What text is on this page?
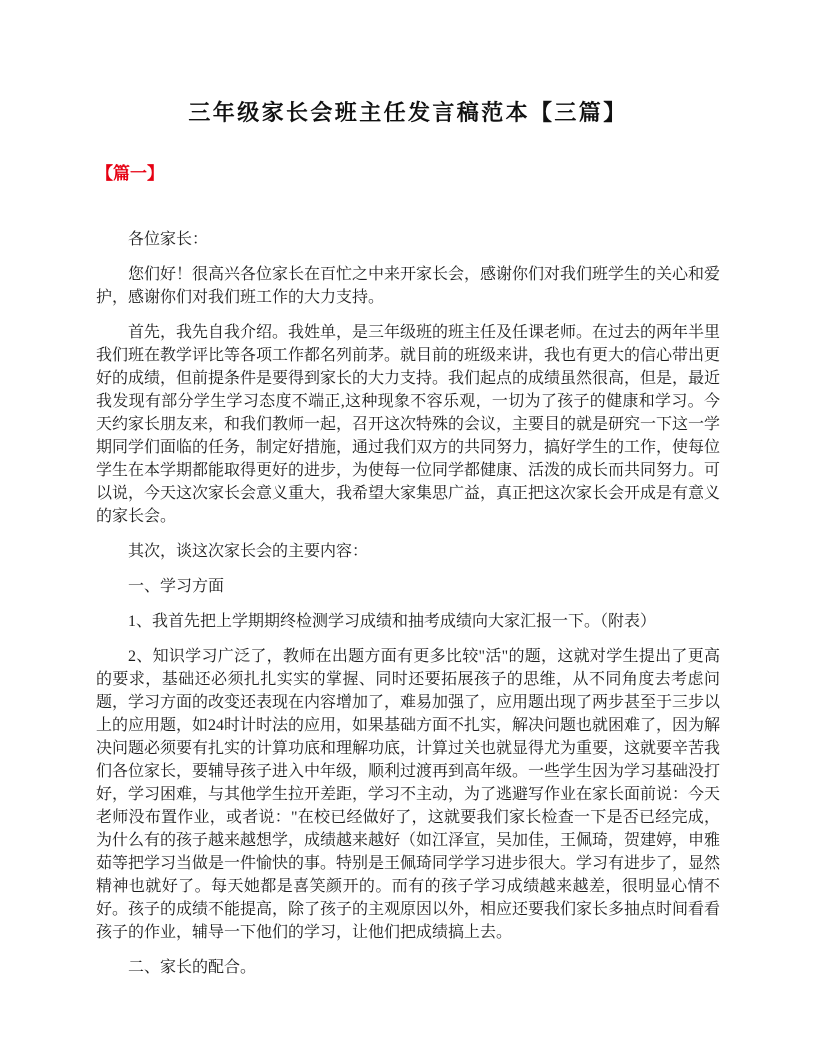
三年级家长会班主任发言稿范本【三篇】
【篇一】

各位家长：

您们好！很高兴各位家长在百忙之中来开家长会，感谢你们对我们班学生的关心和爱护，感谢你们对我们班工作的大力支持。

首先，我先自我介绍。我姓单，是三年级班的班主任及任课老师。在过去的两年半里我们班在教学评比等各项工作都名列前茅。就目前的班级来讲，我也有更大的信心带出更好的成绩，但前提条件是要得到家长的大力支持。我们起点的成绩虽然很高，但是，最近我发现有部分学生学习态度不端正,这种现象不容乐观，一切为了孩子的健康和学习。今天约家长朋友来，和我们教师一起，召开这次特殊的会议，主要目的就是研究一下这一学期同学们面临的任务，制定好措施，通过我们双方的共同努力，搞好学生的工作，使每位学生在本学期都能取得更好的进步，为使每一位同学都健康、活泼的成长而共同努力。可以说，今天这次家长会意义重大，我希望大家集思广益，真正把这次家长会开成是有意义的家长会。

其次，谈这次家长会的主要内容：

一、学习方面

1、我首先把上学期期终检测学习成绩和抽考成绩向大家汇报一下。（附表）

2、知识学习广泛了，教师在出题方面有更多比较"活"的题，这就对学生提出了更高的要求，基础还必须扎扎实实的掌握、同时还要拓展孩子的思维，从不同角度去考虑问题，学习方面的改变还表现在内容增加了，难易加强了，应用题出现了两步甚至于三步以上的应用题，如24时计时法的应用，如果基础方面不扎实，解决问题也就困难了，因为解决问题必须要有扎实的计算功底和理解功底，计算过关也就显得尤为重要，这就要辛苦我们各位家长，要辅导孩子进入中年级，顺利过渡再到高年级。一些学生因为学习基础没打好，学习困难，与其他学生拉开差距，学习不主动，为了逃避写作业在家长面前说：今天老师没布置作业，或者说："在校已经做好了，这就要我们家长检查一下是否已经完成，为什么有的孩子越来越想学，成绩越来越好（如江泽宣，吴加佳，王佩琦，贺建婷，申雅茹等把学习当做是一件愉快的事。特别是王佩琦同学学习进步很大。学习有进步了，显然精神也就好了。每天她都是喜笑颜开的。而有的孩子学习成绩越来越差，很明显心情不好。孩子的成绩不能提高，除了孩子的主观原因以外，相应还要我们家长多抽点时间看看孩子的作业，辅导一下他们的学习，让他们把成绩搞上去。

二、家长的配合。
